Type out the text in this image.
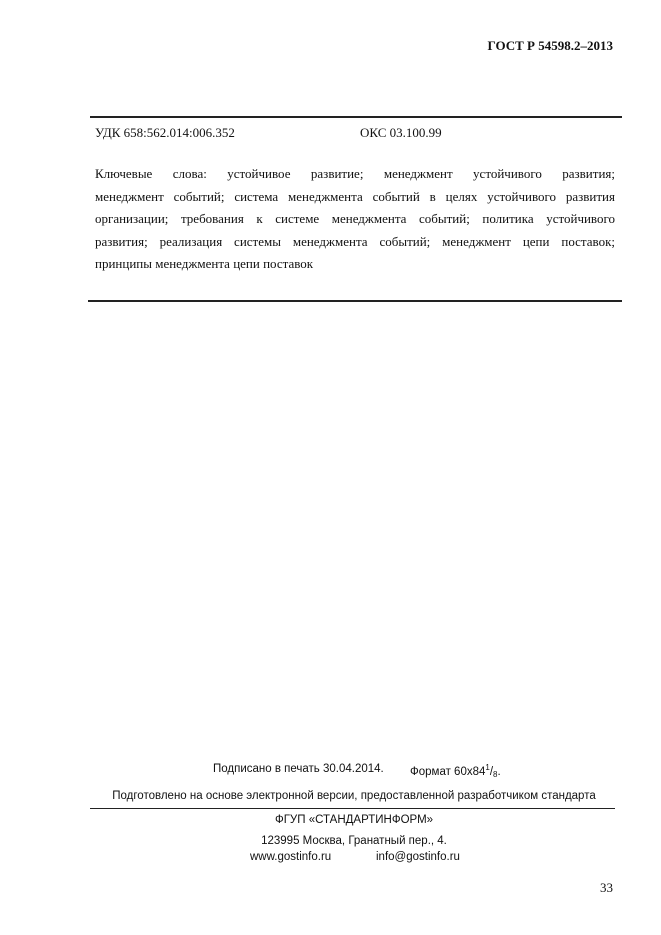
ГОСТ Р 54598.2–2013
УДК 658:562.014:006.352	ОКС 03.100.99
Ключевые слова: устойчивое развитие; менеджмент устойчивого развития;
менеджмент событий; система менеджмента событий в целях устойчивого развития
организации; требования к системе менеджмента событий; политика устойчивого
развития; реализация системы менеджмента событий; менеджмент цепи поставок;
принципы менеджмента цепи поставок
Подписано в печать 30.04.2014. Формат $60x84^1/_8$.
Подготовлено на основе электронной версии, предоставленной разработчиком стандарта
ФГУП «СТАНДАРТИНФОРМ»
123995 Москва, Гранатный пер., 4.
www.gostinfo.ru	info@gostinfo.ru
33
